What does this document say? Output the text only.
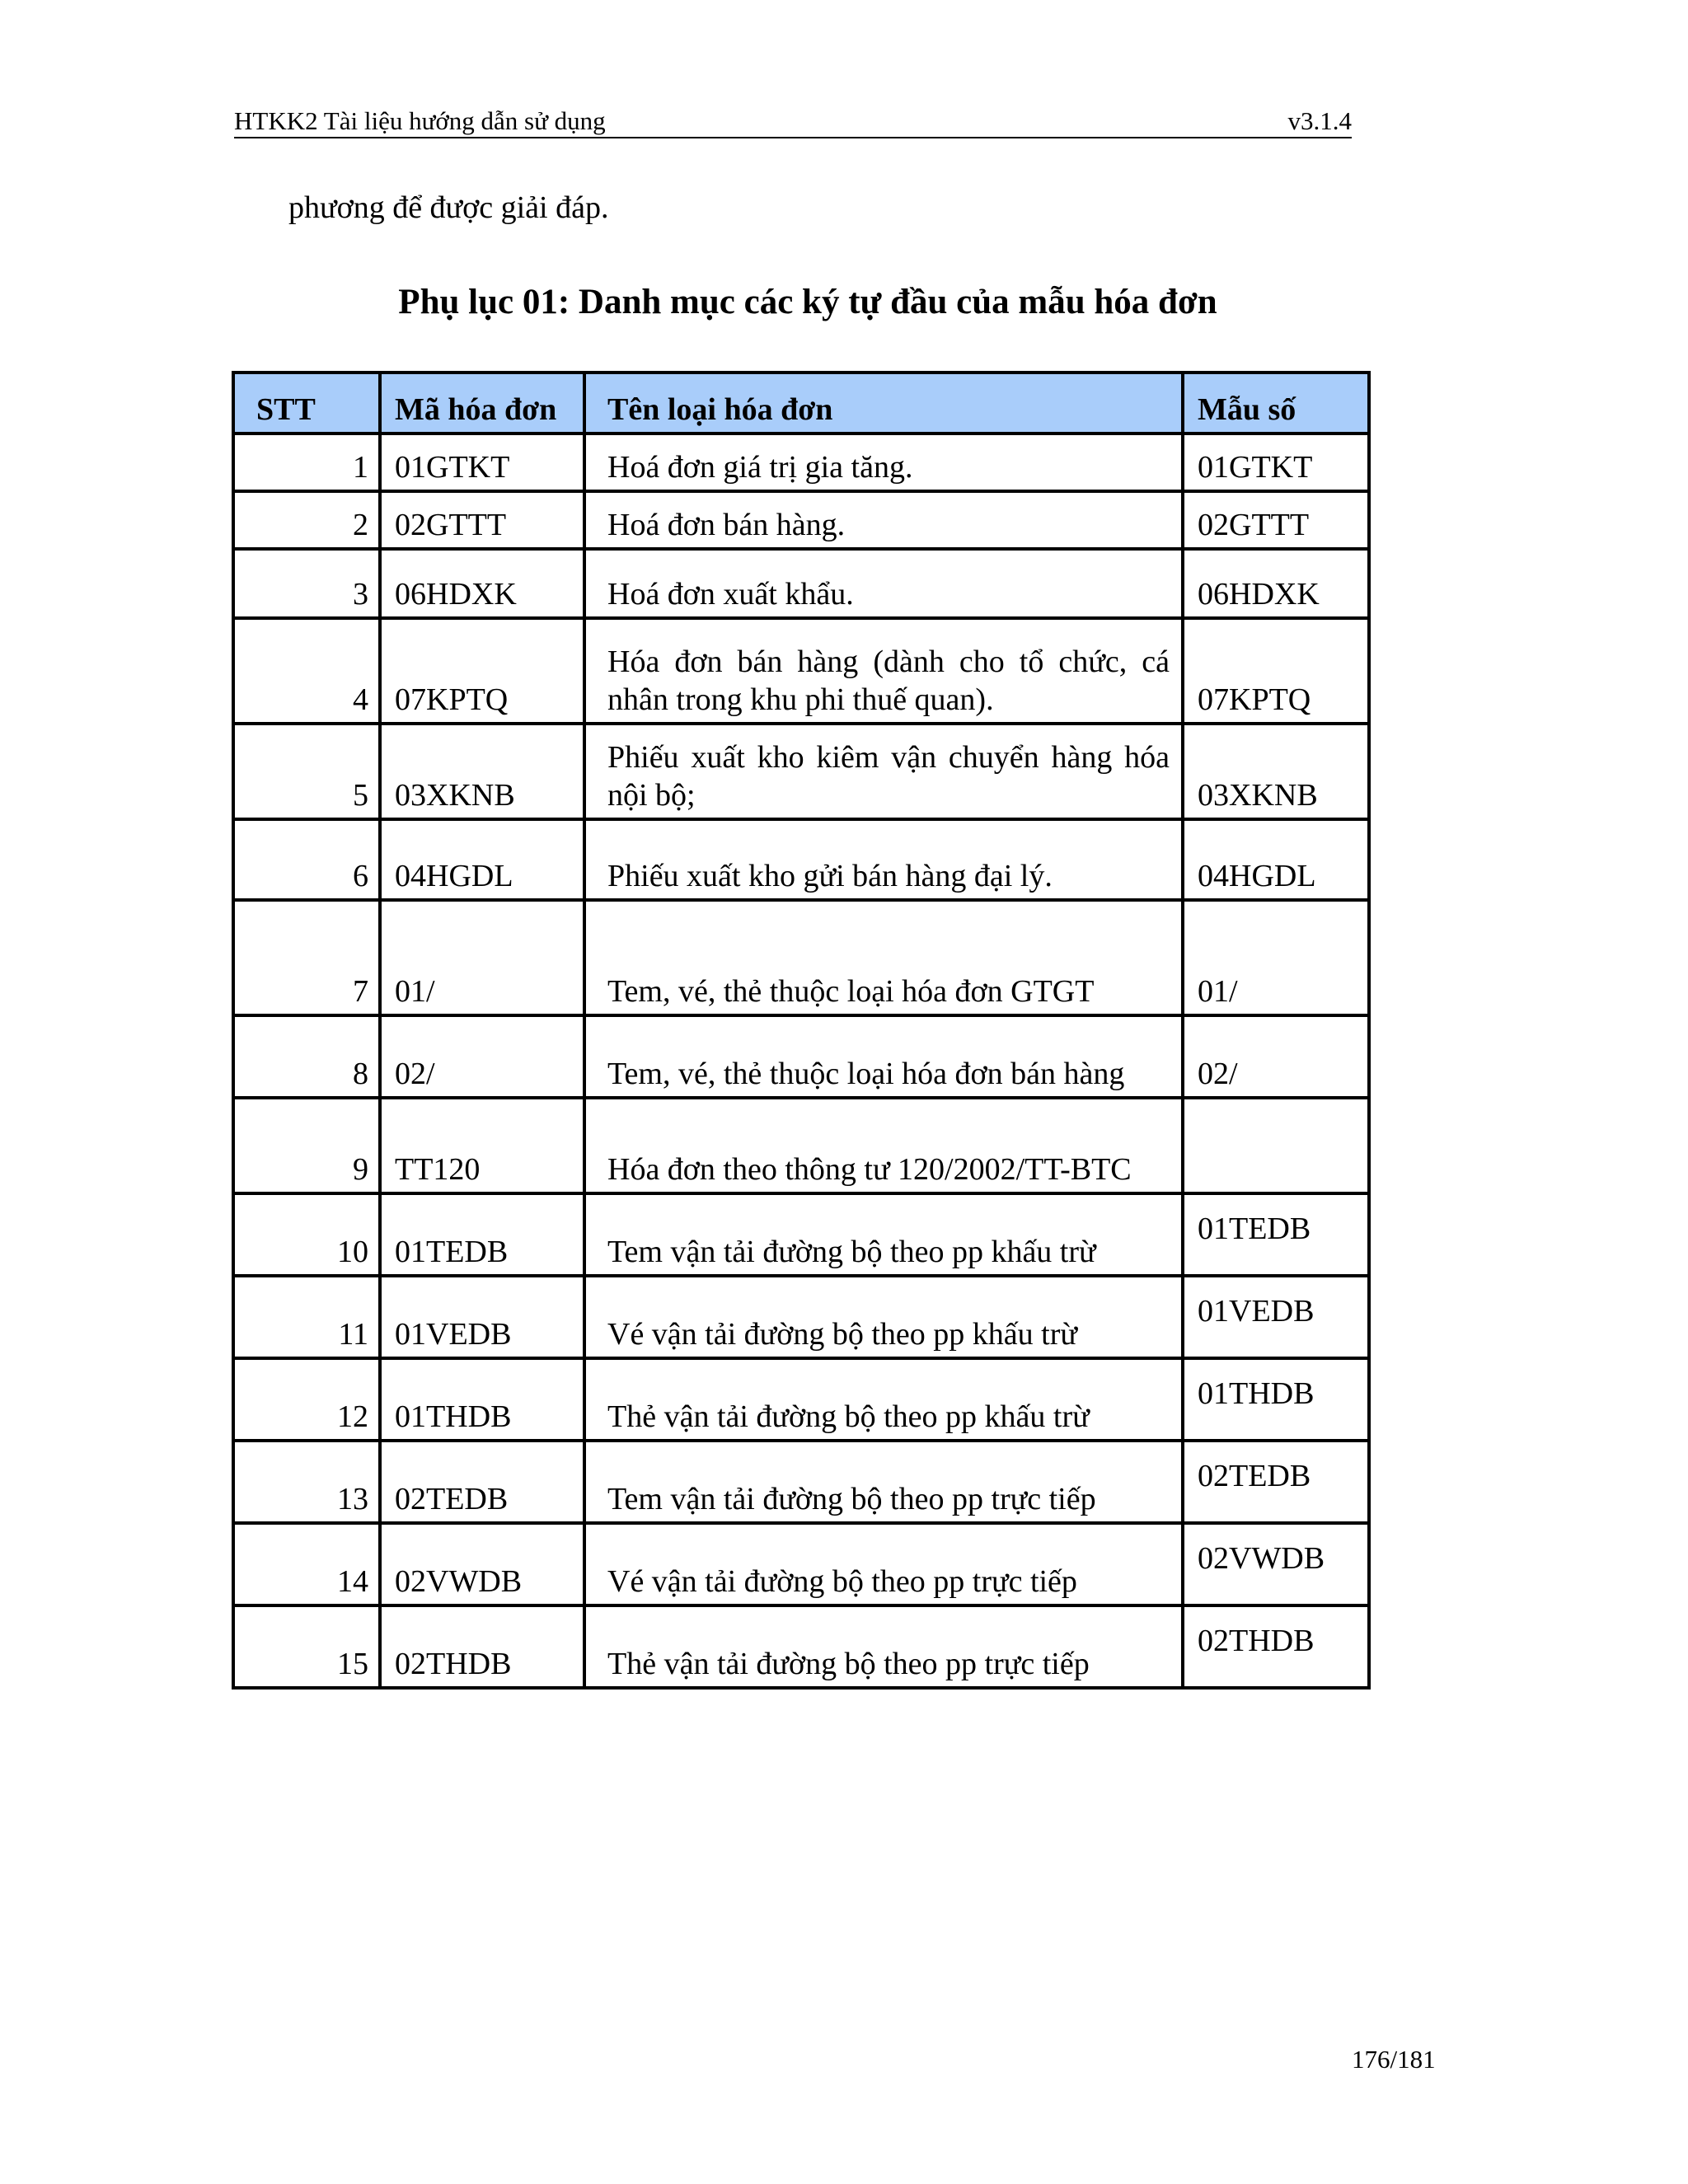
HTKK2 Tài liệu hướng dẫn sử dụng	v3.1.4
phương để được giải đáp.
Phụ lục 01: Danh mục các ký tự đầu của mẫu hóa đơn
STT	Mã hóa đơn	Tên loại hóa đơn	Mẫu số
1	01GTKT	Hoá đơn giá trị gia tăng.	01GTKT
2	02GTTT	Hoá đơn bán hàng.	02GTTT
3	06HDXK	Hoá đơn xuất khẩu.	06HDXK
4	07KPTQ	Hóa đơn bán hàng (dành cho tổ chức, cá nhân trong khu phi thuế quan).	07KPTQ
5	03XKNB	Phiếu xuất kho kiêm vận chuyển hàng hóa nội bộ;	03XKNB
6	04HGDL	Phiếu xuất kho gửi bán hàng đại lý.	04HGDL
7	01/	Tem, vé, thẻ thuộc loại hóa đơn GTGT	01/
8	02/	Tem, vé, thẻ thuộc loại hóa đơn bán hàng	02/
9	TT120	Hóa đơn theo thông tư 120/2002/TT-BTC	
10	01TEDB	Tem vận tải đường bộ theo pp khấu trừ	01TEDB
11	01VEDB	Vé vận tải đường bộ theo pp khấu trừ	01VEDB
12	01THDB	Thẻ vận tải đường bộ theo pp khấu trừ	01THDB
13	02TEDB	Tem vận tải đường bộ theo pp trực tiếp	02TEDB
14	02VWDB	Vé vận tải đường bộ theo pp trực tiếp	02VWDB
15	02THDB	Thẻ vận tải đường bộ theo pp trực tiếp	02THDB
176/181
